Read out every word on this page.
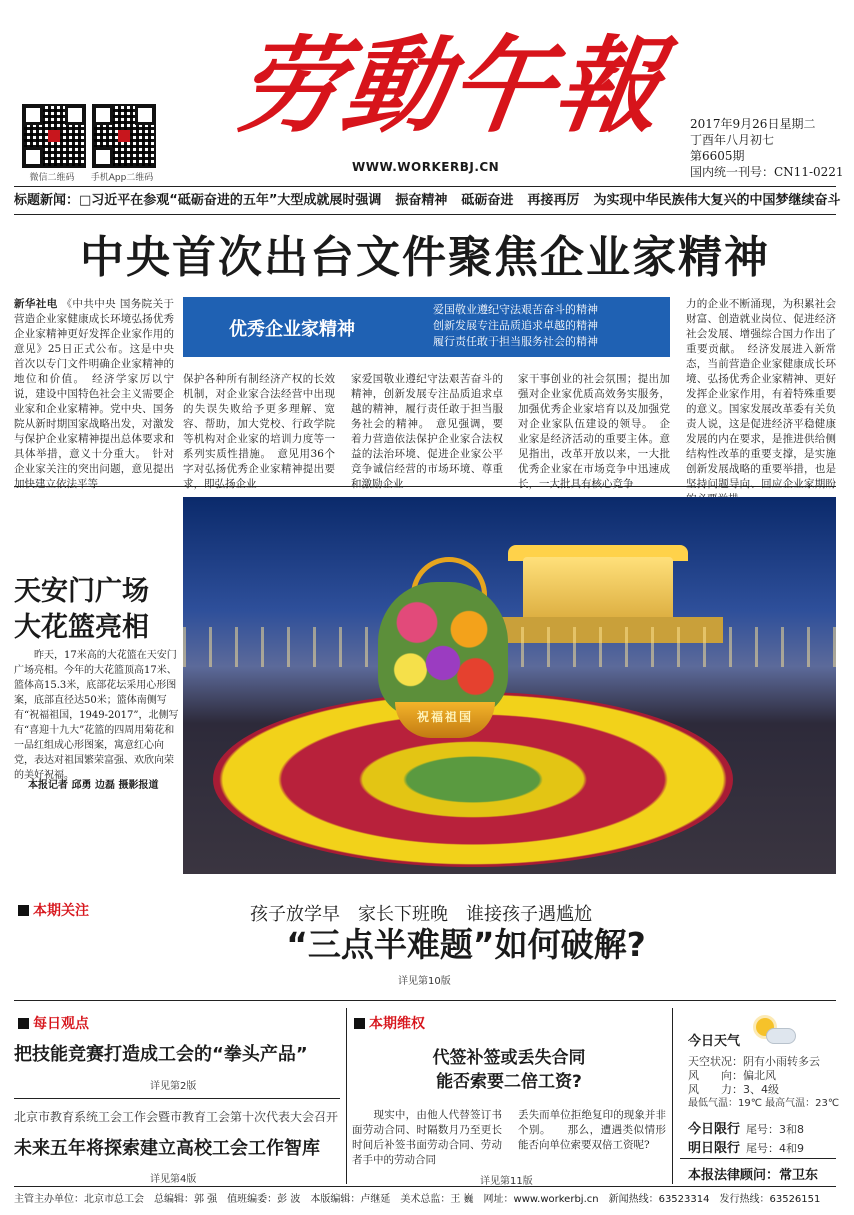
微信二维码	手机App二维码
劳動午報
WWW.WORKERBJ.CN
2017年9月26日星期二
丁酉年八月初七
第6605期
国内统一刊号：CN11-0221
标题新闻：□习近平在参观“砥砺奋进的五年”大型成就展时强调 振奋精神 砥砺奋进 再接再厉 为实现中华民族伟大复兴的中国梦继续奋斗
中央首次出台文件聚焦企业家精神
新华社电 《中共中央 国务院关于营造企业家健康成长环境弘扬优秀企业家精神更好发挥企业家作用的意见》25日正式公布。这是中央首次以专门文件明确企业家精神的地位和价值。　经济学家厉以宁说，建设中国特色社会主义需要企业家和企业家精神。党中央、国务院从新时期国家战略出发，对激发与保护企业家精神提出总体要求和具体举措，意义十分重大。　针对企业家关注的突出问题，意见提出加快建立依法平等
优秀企业家精神
爱国敬业遵纪守法艰苦奋斗的精神
创新发展专注品质追求卓越的精神
履行责任敢于担当服务社会的精神
保护各种所有制经济产权的长效机制，对企业家合法经营中出现的失误失败给予更多理解、宽容、帮助，加大党校、行政学院等机构对企业家的培训力度等一系列实质性措施。　意见用36个字对弘扬优秀企业家精神提出要求，即弘扬企业
家爱国敬业遵纪守法艰苦奋斗的精神，创新发展专注品质追求卓越的精神，履行责任敢于担当服务社会的精神。　意见强调，要着力营造依法保护企业家合法权益的法治环境、促进企业家公平竞争诚信经营的市场环境、尊重和激励企业
家干事创业的社会氛围；提出加强对企业家优质高效务实服务，加强优秀企业家培育以及加强党对企业家队伍建设的领导。　企业家是经济活动的重要主体。意见指出，改革开放以来，一大批优秀企业家在市场竞争中迅速成长，一大批具有核心竞争
力的企业不断涌现，为积累社会财富、创造就业岗位、促进经济社会发展、增强综合国力作出了重要贡献。　经济发展进入新常态，当前营造企业家健康成长环境、弘扬优秀企业家精神、更好发挥企业家作用，有着特殊重要的意义。国家发展改革委有关负责人说，这是促进经济平稳健康发展的内在要求，是推进供给侧结构性改革的重要支撑，是实施创新发展战略的重要举措，也是坚持问题导向、回应企业家期盼
祝福祖国
天安门广场
大花篮亮相
　　昨天，17米高的大花篮在天安门广场亮相。今年的大花篮顶高17米、篮体高15.3米，底部花坛采用心形图案，底部直径达50米；篮体南侧写有“祝福祖国，1949-2017”，北侧写有“喜迎十九大”花篮的四周用菊花和一品红组成心形图案，寓意红心向党，表达对祖国繁荣富强、欢欣向荣的美好祝福。
本报记者 邱勇 边磊 摄影报道
本期关注	孩子放学早　家长下班晚　谁接孩子遇尴尬
“三点半难题”如何破解?
详见第10版
每日观点
把技能竞赛打造成工会的“拳头产品”
详见第2版
北京市教育系统工会工作会暨市教育工会第十次代表大会召开
未来五年将探索建立高校工会工作智库
详见第4版
本期维权
代签补签或丢失合同
能否索要二倍工资?
　　现实中，由他人代替签订书面劳动合同、时隔数月乃至更长时间后补签书面劳动合同、劳动者手中的劳动合同
丢失而单位拒绝复印的现象并非个别。　　那么，遭遇类似情形能否向单位索要双倍工资呢?
详见第11版
今日天气
天空状况：阴有小雨转多云
风　　向：偏北风
风　　力：3、4级
最低气温：19℃ 最高气温：23℃
今日限行 尾号：3和8
明日限行 尾号：4和9
本报法律顾问：常卫东
主管主办单位：北京市总工会　总编辑：郭 强　值班编委：彭 波　本版编辑：卢继延　美术总监：王 巍　网址：www.workerbj.cn　新闻热线：63523314　发行热线：63526151
